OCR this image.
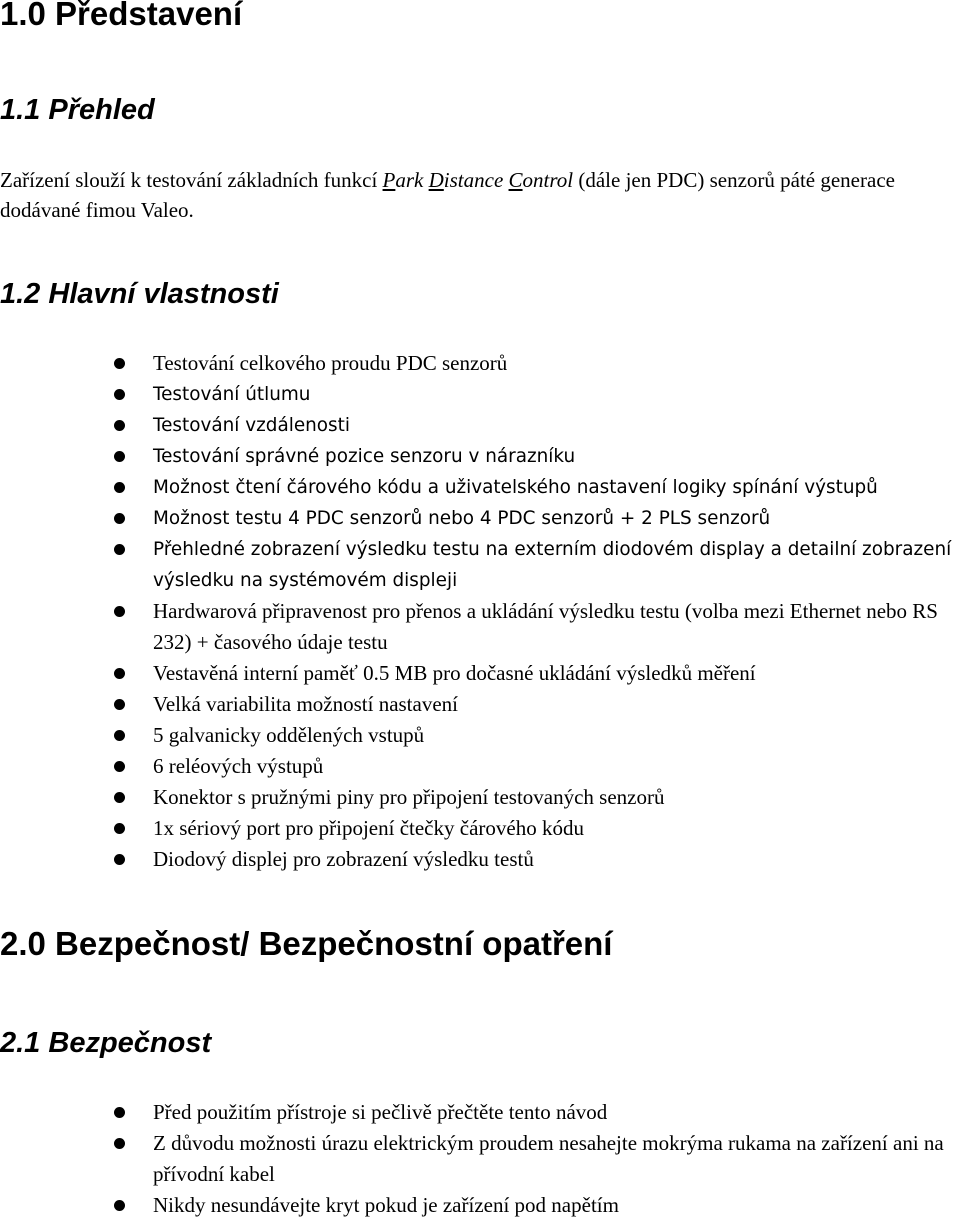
1.0 Představení
1.1 Přehled

Zařízení slouží k testování základních funkcí Park Distance Control (dále jen PDC) senzorů páté generace dodávané fimou Valeo.

1.2 Hlavní vlastnosti
Testování celkového proudu PDC senzorů
Testování útlumu
Testování vzdálenosti
Testování správné pozice senzoru v nárazníku
Možnost čtení čárového kódu a uživatelského nastavení logiky spínání výstupů
Možnost testu 4 PDC senzorů nebo 4 PDC senzorů + 2 PLS senzorů
Přehledné zobrazení výsledku testu na externím diodovém display a detailní zobrazení výsledku na systémovém displeji
Hardwarová připravenost pro přenos a ukládání výsledku testu (volba mezi Ethernet nebo RS 232) + časového údaje testu
Vestavěná interní paměť 0.5 MB pro dočasné ukládání výsledků měření
Velká variabilita možností nastavení
5 galvanicky oddělených vstupů
6 reléových výstupů
Konektor s pružnými piny pro připojení testovaných senzorů
1x sériový port pro připojení čtečky čárového kódu
Diodový displej pro zobrazení výsledku testů
2.0 Bezpečnost/ Bezpečnostní opatření
2.1 Bezpečnost
Před použitím přístroje si pečlivě přečtěte tento návod
Z důvodu možnosti úrazu elektrickým proudem nesahejte mokrýma rukama na zařízení ani na přívodní kabel
Nikdy nesundávejte kryt pokud je zařízení pod napětím
